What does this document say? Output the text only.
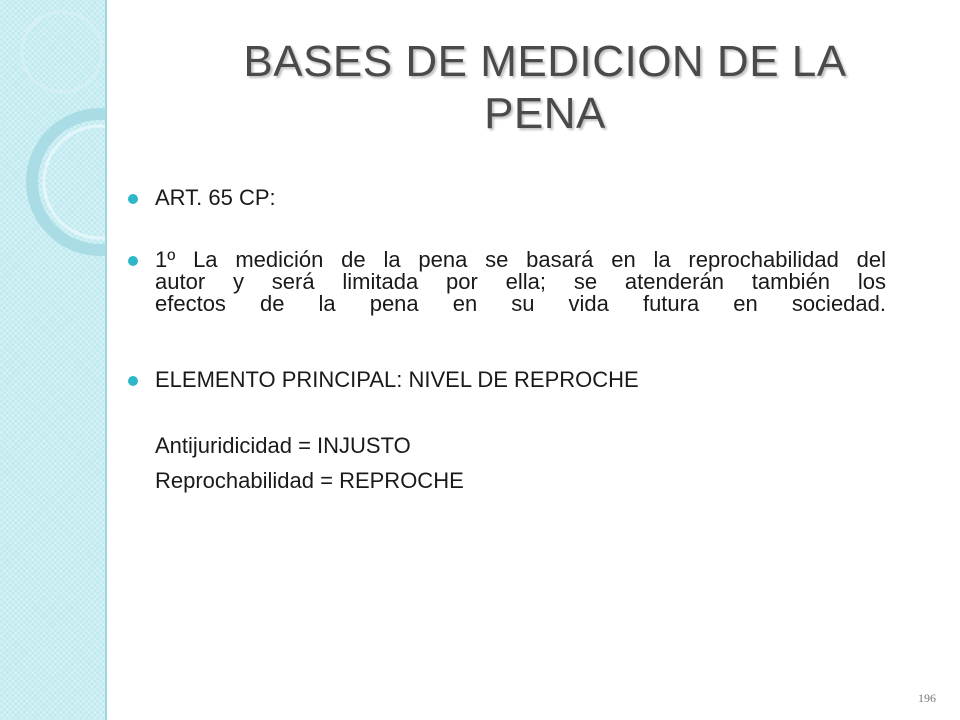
BASES DE MEDICION DE LA
PENA
ART. 65 CP:
1º La medición de la pena se basará en la reprochabilidad del
autor y será limitada por ella; se atenderán también los
efectos de la pena en su vida futura en sociedad.
ELEMENTO PRINCIPAL: NIVEL DE REPROCHE
Antijuridicidad = INJUSTO
Reprochabilidad = REPROCHE
196
